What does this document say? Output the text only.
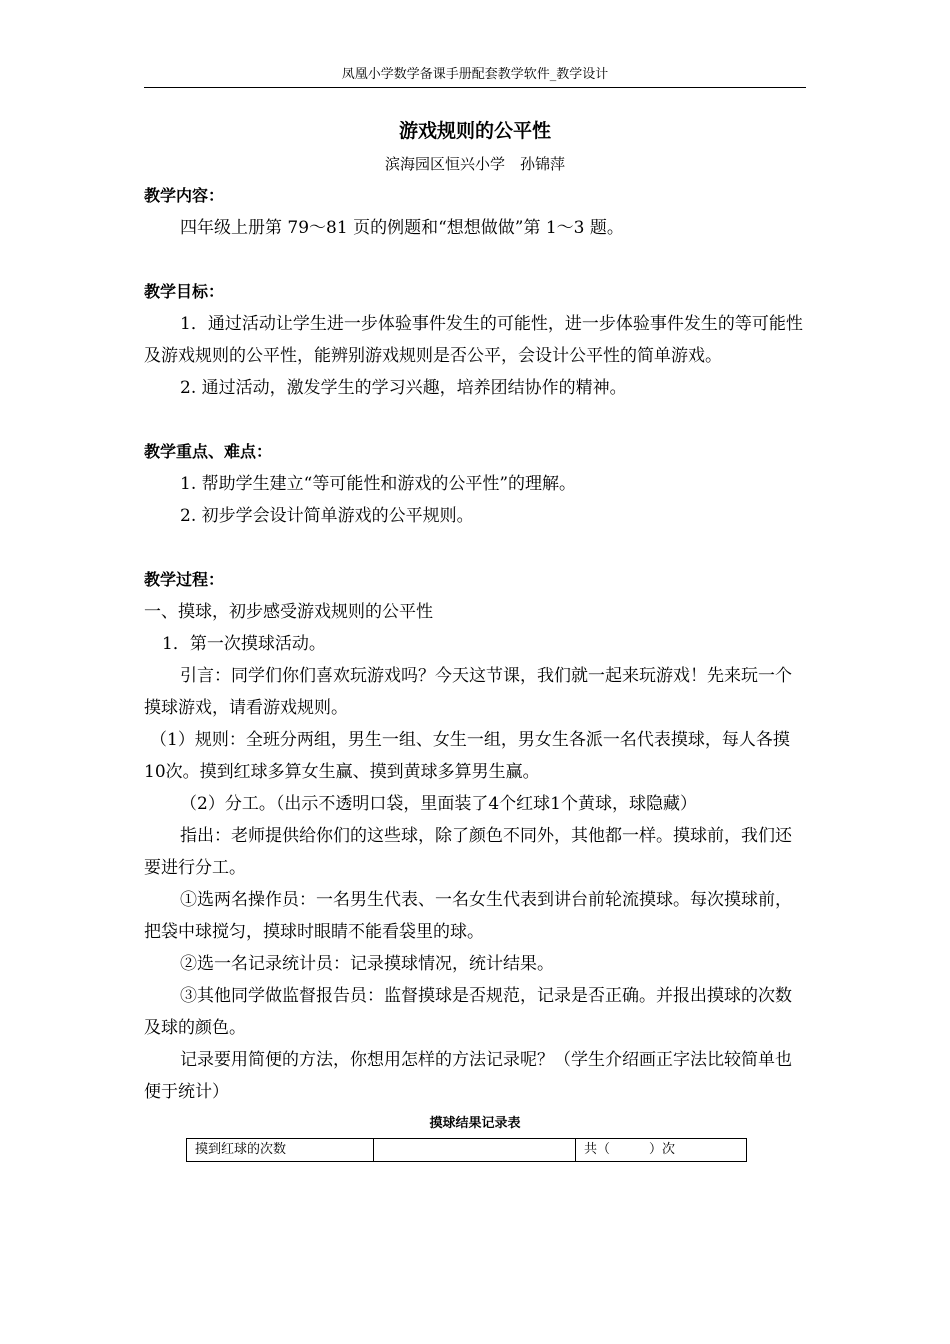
凤凰小学数学备课手册配套教学软件_教学设计
游戏规则的公平性
滨海园区恒兴小学　孙锦萍

教学内容：

四年级上册第 79～81 页的例题和“想想做做”第 1～3 题。

教学目标：

1．通过活动让学生进一步体验事件发生的可能性，进一步体验事件发生的等可能性及游戏规则的公平性，能辨别游戏规则是否公平，会设计公平性的简单游戏。

2. 通过活动，激发学生的学习兴趣，培养团结协作的精神。

教学重点、难点：

1. 帮助学生建立“等可能性和游戏的公平性”的理解。

2. 初步学会设计简单游戏的公平规则。

教学过程：

一、摸球，初步感受游戏规则的公平性

1．第一次摸球活动。

引言：同学们你们喜欢玩游戏吗？今天这节课，我们就一起来玩游戏！先来玩一个摸球游戏，请看游戏规则。

（1）规则：全班分两组，男生一组、女生一组，男女生各派一名代表摸球，每人各摸10次。摸到红球多算女生赢、摸到黄球多算男生赢。

（2）分工。（出示不透明口袋，里面装了4个红球1个黄球，球隐藏）

指出：老师提供给你们的这些球，除了颜色不同外，其他都一样。摸球前，我们还要进行分工。

①选两名操作员：一名男生代表、一名女生代表到讲台前轮流摸球。每次摸球前，把袋中球搅匀，摸球时眼睛不能看袋里的球。

②选一名记录统计员：记录摸球情况，统计结果。

③其他同学做监督报告员：监督摸球是否规范，记录是否正确。并报出摸球的次数及球的颜色。

记录要用简便的方法，你想用怎样的方法记录呢？（学生介绍画正字法比较简单也便于统计）

摸球结果记录表
摸到红球的次数		共（　　　）次
